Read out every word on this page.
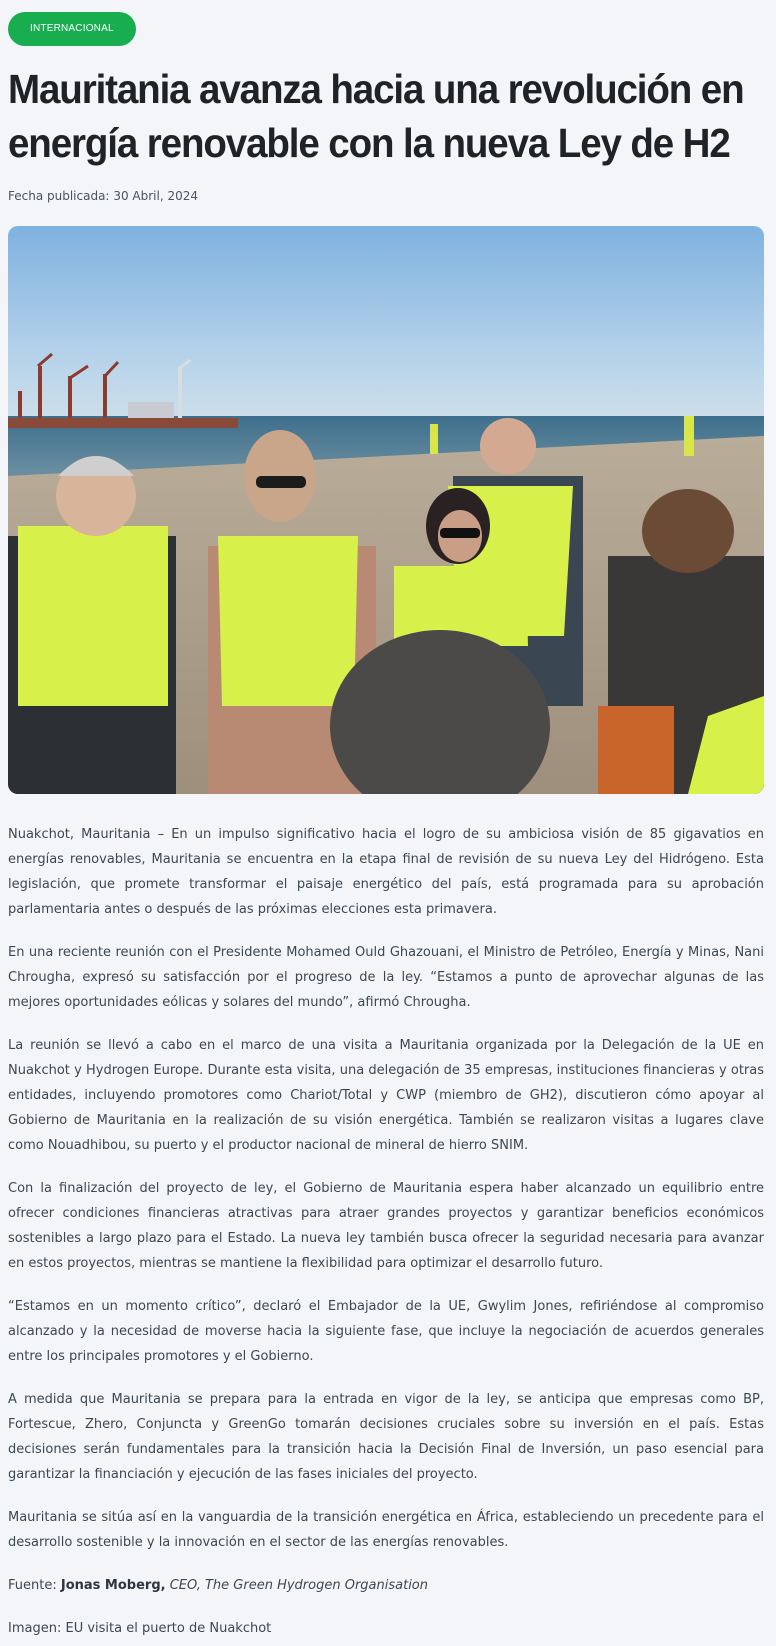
INTERNACIONAL
Mauritania avanza hacia una revolución en energía renovable con la nueva Ley de H2
Fecha publicada: 30 Abril, 2024

Nuakchot, Mauritania – En un impulso significativo hacia el logro de su ambiciosa visión de 85 gigavatios en energías renovables, Mauritania se encuentra en la etapa final de revisión de su nueva Ley del Hidrógeno. Esta legislación, que promete transformar el paisaje energético del país, está programada para su aprobación parlamentaria antes o después de las próximas elecciones esta primavera.

En una reciente reunión con el Presidente Mohamed Ould Ghazouani, el Ministro de Petróleo, Energía y Minas, Nani Chrougha, expresó su satisfacción por el progreso de la ley. “Estamos a punto de aprovechar algunas de las mejores oportunidades eólicas y solares del mundo”, afirmó Chrougha.

La reunión se llevó a cabo en el marco de una visita a Mauritania organizada por la Delegación de la UE en Nuakchot y Hydrogen Europe. Durante esta visita, una delegación de 35 empresas, instituciones financieras y otras entidades, incluyendo promotores como Chariot/Total y CWP (miembro de GH2), discutieron cómo apoyar al Gobierno de Mauritania en la realización de su visión energética. También se realizaron visitas a lugares clave como Nouadhibou, su puerto y el productor nacional de mineral de hierro SNIM.

Con la finalización del proyecto de ley, el Gobierno de Mauritania espera haber alcanzado un equilibrio entre ofrecer condiciones financieras atractivas para atraer grandes proyectos y garantizar beneficios económicos sostenibles a largo plazo para el Estado. La nueva ley también busca ofrecer la seguridad necesaria para avanzar en estos proyectos, mientras se mantiene la flexibilidad para optimizar el desarrollo futuro.

“Estamos en un momento crítico”, declaró el Embajador de la UE, Gwylim Jones, refiriéndose al compromiso alcanzado y la necesidad de moverse hacia la siguiente fase, que incluye la negociación de acuerdos generales entre los principales promotores y el Gobierno.

A medida que Mauritania se prepara para la entrada en vigor de la ley, se anticipa que empresas como BP, Fortescue, Zhero, Conjuncta y GreenGo tomarán decisiones cruciales sobre su inversión en el país. Estas decisiones serán fundamentales para la transición hacia la Decisión Final de Inversión, un paso esencial para garantizar la financiación y ejecución de las fases iniciales del proyecto.

Mauritania se sitúa así en la vanguardia de la transición energética en África, estableciendo un precedente para el desarrollo sostenible y la innovación en el sector de las energías renovables.

Fuente: Jonas Moberg, CEO, The Green Hydrogen Organisation

Imagen: EU visita el puerto de Nuakchot
